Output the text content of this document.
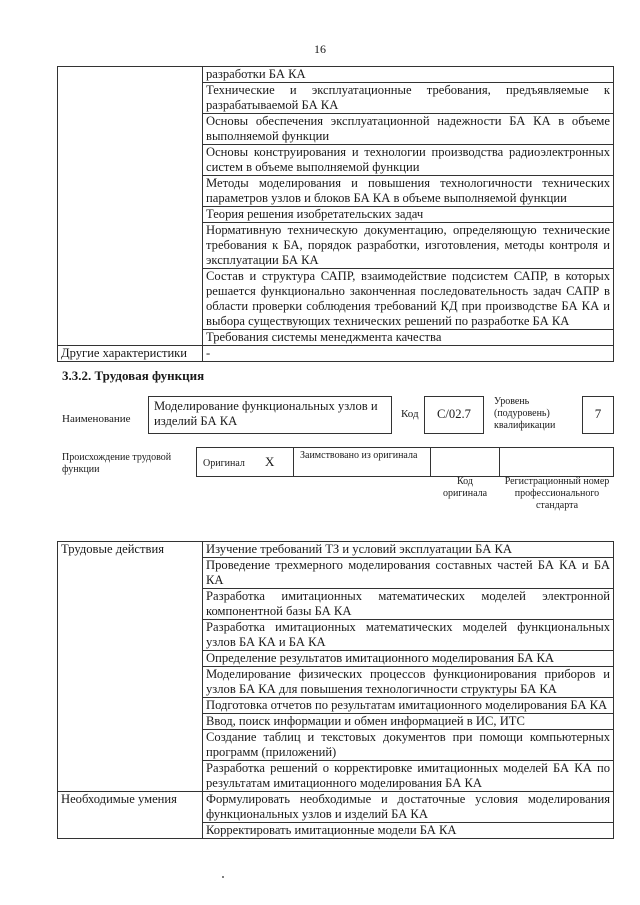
16
	разработки БА КА
	Технические и эксплуатационные требования, предъявляемые к разрабатываемой БА КА
	Основы обеспечения эксплуатационной надежности БА КА в объеме выполняемой функции
	Основы конструирования и технологии производства радиоэлектронных систем в объеме выполняемой функции
	Методы моделирования и повышения технологичности технических параметров узлов и блоков БА КА в объеме выполняемой функции
	Теория решения изобретательских задач
	Нормативную техническую документацию, определяющую технические требования к БА, порядок разработки, изготовления, методы контроля и эксплуатации БА КА
	Состав и структура САПР, взаимодействие подсистем САПР, в которых решается функционально законченная последовательность задач САПР в области проверки соблюдения требований КД при производстве БА КА и выбора существующих технических решений по разработке БА КА
	Требования системы менеджмента качества
Другие характеристики	-
3.3.2. Трудовая функция
Наименование
Моделирование функциональных узлов и изделий БА КА	Код	C/02.7
Уровень (подуровень) квалификации
7
Происхождение трудовой функции
Оригинал X	Заимствовано из оригинала
Код оригинала
Регистрационный номер профессионального стандарта
Трудовые действия	Изучение требований ТЗ и условий эксплуатации БА КА
	Проведение трехмерного моделирования составных частей БА КА и БА КА
	Разработка имитационных математических моделей электронной компонентной базы БА КА
	Разработка имитационных математических моделей функциональных узлов БА КА и БА КА
	Определение результатов имитационного моделирования БА КА
	Моделирование физических процессов функционирования приборов и узлов БА КА для повышения технологичности структуры БА КА
	Подготовка отчетов по результатам имитационного моделирования БА КА
	Ввод, поиск информации и обмен информацией в ИС, ИТС
	Создание таблиц и текстовых документов при помощи компьютерных программ (приложений)
	Разработка решений о корректировке имитационных моделей БА КА по результатам имитационного моделирования БА КА
Необходимые умения	Формулировать необходимые и достаточные условия моделирования функциональных узлов и изделий БА КА
	Корректировать имитационные модели БА КА
